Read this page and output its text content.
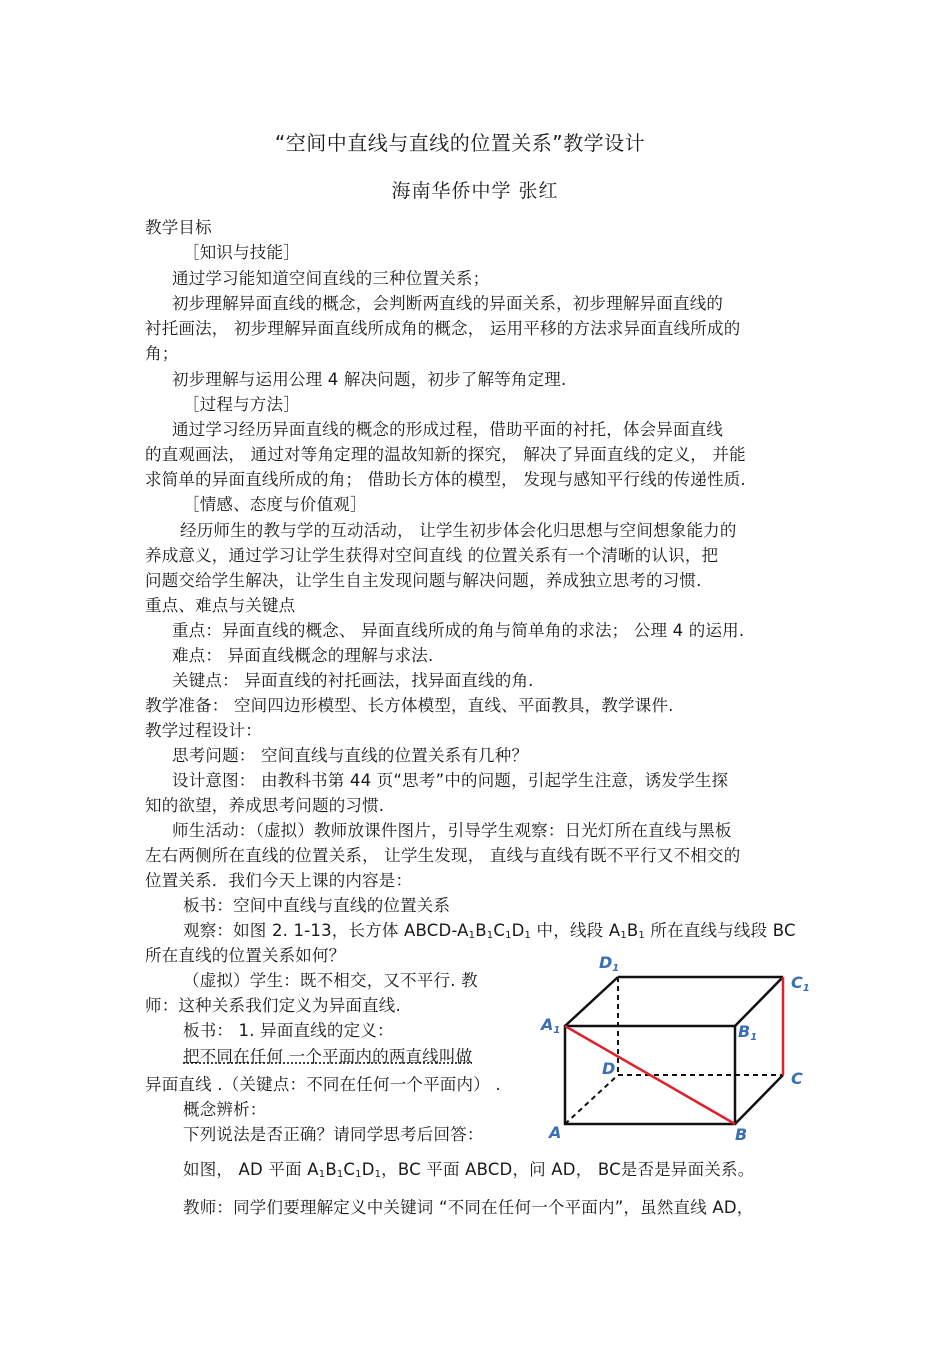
“空间中直线与直线的位置关系”教学设计
海南华侨中学 张红
教学目标
［知识与技能］
通过学习能知道空间直线的三种位置关系；
初步理解异面直线的概念，会判断两直线的异面关系，初步理解异面直线的
衬托画法， 初步理解异面直线所成角的概念， 运用平移的方法求异面直线所成的
角；
初步理解与运用公理 4 解决问题，初步了解等角定理.
［过程与方法］
通过学习经历异面直线的概念的形成过程，借助平面的衬托，体会异面直线
的直观画法， 通过对等角定理的温故知新的探究， 解决了异面直线的定义， 并能
求简单的异面直线所成的角； 借助长方体的模型， 发现与感知平行线的传递性质.
［情感、态度与价值观］
经历师生的教与学的互动活动， 让学生初步体会化归思想与空间想象能力的
养成意义，通过学习让学生获得对空间直线 的位置关系有一个清晰的认识，把
问题交给学生解决，让学生自主发现问题与解决问题，养成独立思考的习惯.
重点、难点与关键点
重点：异面直线的概念、 异面直线所成的角与简单角的求法； 公理 4 的运用.
难点： 异面直线概念的理解与求法.
关键点： 异面直线的衬托画法，找异面直线的角.
教学准备： 空间四边形模型、长方体模型，直线、平面教具，教学课件.
教学过程设计：
思考问题： 空间直线与直线的位置关系有几种？
设计意图： 由教科书第 44 页“思考”中的问题，引起学生注意，诱发学生探
知的欲望，养成思考问题的习惯.
师生活动：（虚拟）教师放课件图片，引导学生观察：日光灯所在直线与黑板
左右两侧所在直线的位置关系， 让学生发现， 直线与直线有既不平行又不相交的
位置关系．我们今天上课的内容是：
板书：空间中直线与直线的位置关系
观察：如图 2. 1-13，长方体 ABCD-$A_1B_1C_1D_1$ 中，线段 $A_1B_1$ 所在直线与线段 BC
所在直线的位置关系如何？
（虚拟）学生：既不相交，又不平行. 教
师：这种关系我们定义为异面直线.
板书： 1. 异面直线的定义：
把不同在任何 一个平面内的两直线叫做
异面直线 .（关键点：不同在任何一个平面内） .
概念辨析：
下列说法是否正确？请同学思考后回答：
如图， AD 平面 $A_1B_1C_1D_1$，BC 平面 ABCD，问 AD， BC是否是异面关系。
教师：同学们要理解定义中关键词 “不同在任何一个平面内”，虽然直线 AD，
D1
C1
A1	B1
D
C
A	B
